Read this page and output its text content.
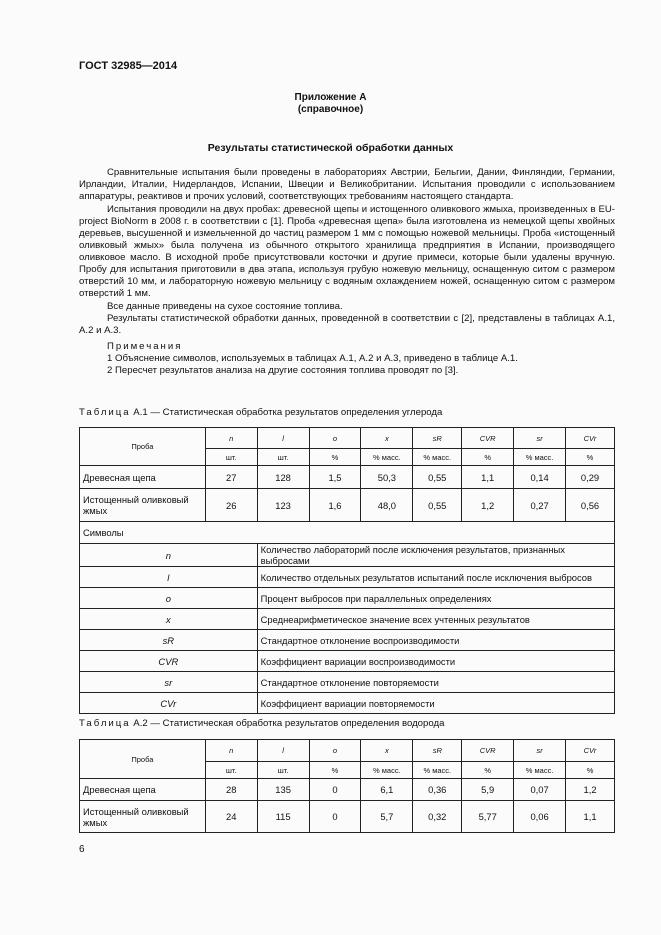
ГОСТ 32985—2014
Приложение А
(справочное)
Результаты статистической обработки данных

Сравнительные испытания были проведены в лабораториях Австрии, Бельгии, Дании, Финляндии, Германии, Ирландии, Италии, Нидерландов, Испании, Швеции и Великобритании. Испытания проводили с использованием аппаратуры, реактивов и прочих условий, соответствующих требованиям настоящего стандарта.

Испытания проводили на двух пробах: древесной щепы и истощенного оливкового жмыха, произведенных в EU-project BioNorm в 2008 г. в соответствии с [1]. Проба «древесная щепа» была изготовлена из немецкой щепы хвойных деревьев, высушенной и измельченной до частиц размером 1 мм с помощью ножевой мельницы. Проба «истощенный оливковый жмых» была получена из обычного открытого хранилища предприятия в Испании, производящего оливковое масло. В исходной пробе присутствовали косточки и другие примеси, которые были удалены вручную. Пробу для испытания приготовили в два этапа, используя грубую ножевую мельницу, оснащенную ситом с размером отверстий 10 мм, и лабораторную ножевую мельницу с водяным охлаждением ножей, оснащенную ситом с размером отверстий 1 мм.

Все данные приведены на сухое состояние топлива.

Результаты статистической обработки данных, проведенной в соответствии с [2], представлены в таблицах А.1, А.2 и А.3.

Примечания
1 Объяснение символов, используемых в таблицах А.1, А.2 и А.3, приведено в таблице А.1.
2 Пересчет результатов анализа на другие состояния топлива проводят по [3].
Таблица А.1 — Статистическая обработка результатов определения углерода
Проба	n	l	o	x	sR	CVR	sr	CVr
	шт.	шт.	%	% масс.	% масс.	%	% масс.	%
Древесная щепа	27	128	1,5	50,3	0,55	1,1	0,14	0,29
Истощенный оливковый жмых	26	123	1,6	48,0	0,55	1,2	0,27	0,56
Символы								
n		Количество лабораторий после исключения результатов, признанных выбросами						
l		Количество отдельных результатов испытаний после исключения выбросов						
o		Процент выбросов при параллельных определениях						
x		Среднеарифметическое значение всех учтенных результатов						
sR		Стандартное отклонение воспроизводимости						
CVR		Коэффициент вариации воспроизводимости						
sr		Стандартное отклонение повторяемости						
CVr		Коэффициент вариации повторяемости						
Таблица А.2 — Статистическая обработка результатов определения водорода
Проба	n	l	o	x	sR	CVR	sr	CVr
	шт.	шт.	%	% масс.	% масс.	%	% масс.	%
Древесная щепа	28	135	0	6,1	0,36	5,9	0,07	1,2
Истощенный оливковый жмых	24	115	0	5,7	0,32	5,77	0,06	1,1
6
